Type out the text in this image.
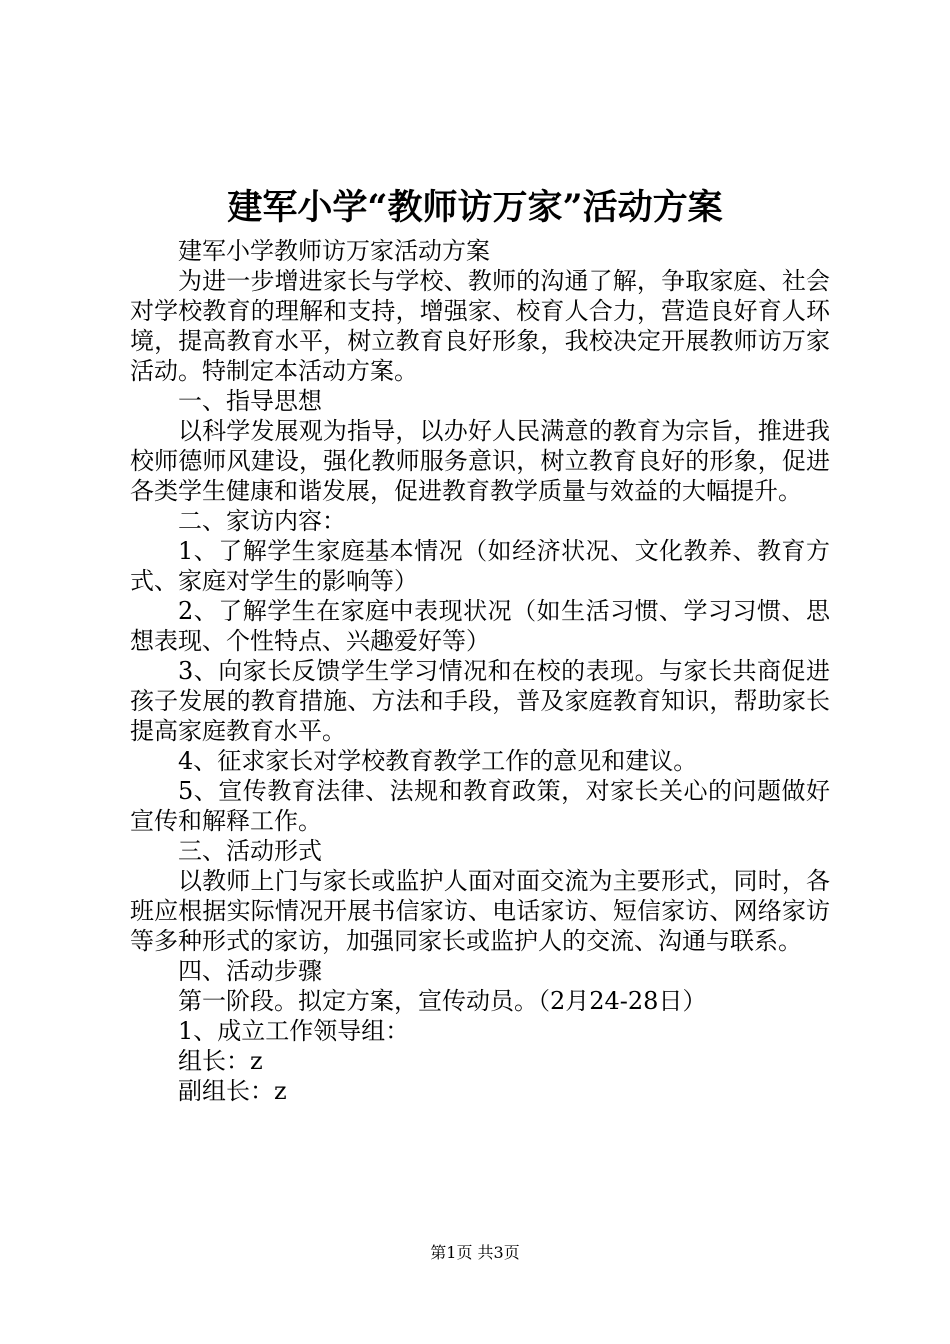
建军小学“教师访万家”活动方案

建军小学教师访万家活动方案

为进一步增进家长与学校、教师的沟通了解，争取家庭、社会对学校教育的理解和支持，增强家、校育人合力，营造良好育人环境，提高教育水平，树立教育良好形象，我校决定开展教师访万家活动。特制定本活动方案。

一、指导思想

以科学发展观为指导，以办好人民满意的教育为宗旨，推进我校师德师风建设，强化教师服务意识，树立教育良好的形象，促进各类学生健康和谐发展，促进教育教学质量与效益的大幅提升。

二、家访内容：

1、了解学生家庭基本情况（如经济状况、文化教养、教育方式、家庭对学生的影响等）

2、了解学生在家庭中表现状况（如生活习惯、学习习惯、思想表现、个性特点、兴趣爱好等）

3、向家长反馈学生学习情况和在校的表现。与家长共商促进孩子发展的教育措施、方法和手段，普及家庭教育知识，帮助家长提高家庭教育水平。

4、征求家长对学校教育教学工作的意见和建议。

5、宣传教育法律、法规和教育政策，对家长关心的问题做好宣传和解释工作。

三、活动形式

以教师上门与家长或监护人面对面交流为主要形式，同时，各班应根据实际情况开展书信家访、电话家访、短信家访、网络家访等多种形式的家访，加强同家长或监护人的交流、沟通与联系。

四、活动步骤

第一阶段。拟定方案，宣传动员。（2月24-28日）

1、成立工作领导组：

组长：z

副组长：z

第1页 共3页
